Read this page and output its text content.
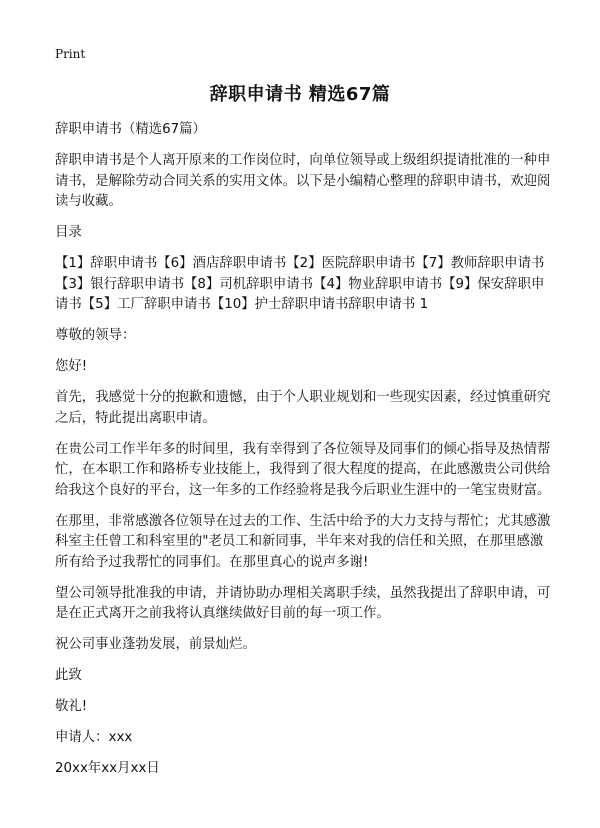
Print
辞职申请书 精选67篇

辞职申请书（精选67篇）

辞职申请书是个人离开原来的工作岗位时，向单位领导或上级组织提请批准的一种申请书，是解除劳动合同关系的实用文体。以下是小编精心整理的辞职申请书，欢迎阅读与收藏。

目录

【1】辞职申请书【6】酒店辞职申请书【2】医院辞职申请书【7】教师辞职申请书【3】银行辞职申请书【8】司机辞职申请书【4】物业辞职申请书【9】保安辞职申请书【5】工厂辞职申请书【10】护士辞职申请书辞职申请书 1

尊敬的领导：

您好!

首先，我感觉十分的抱歉和遗憾，由于个人职业规划和一些现实因素，经过慎重研究之后，特此提出离职申请。

在贵公司工作半年多的时间里，我有幸得到了各位领导及同事们的倾心指导及热情帮忙，在本职工作和路桥专业技能上，我得到了很大程度的提高，在此感激贵公司供给给我这个良好的平台，这一年多的工作经验将是我今后职业生涯中的一笔宝贵财富。

在那里，非常感激各位领导在过去的工作、生活中给予的大力支持与帮忙；尤其感激科室主任曾工和科室里的"老员工和新同事，半年来对我的信任和关照，在那里感激所有给予过我帮忙的同事们。在那里真心的说声多谢!

望公司领导批准我的申请，并请协助办理相关离职手续，虽然我提出了辞职申请，可是在正式离开之前我将认真继续做好目前的每一项工作。

祝公司事业蓬勃发展，前景灿烂。

此致

敬礼!

申请人：xxx

20xx年xx月xx日
